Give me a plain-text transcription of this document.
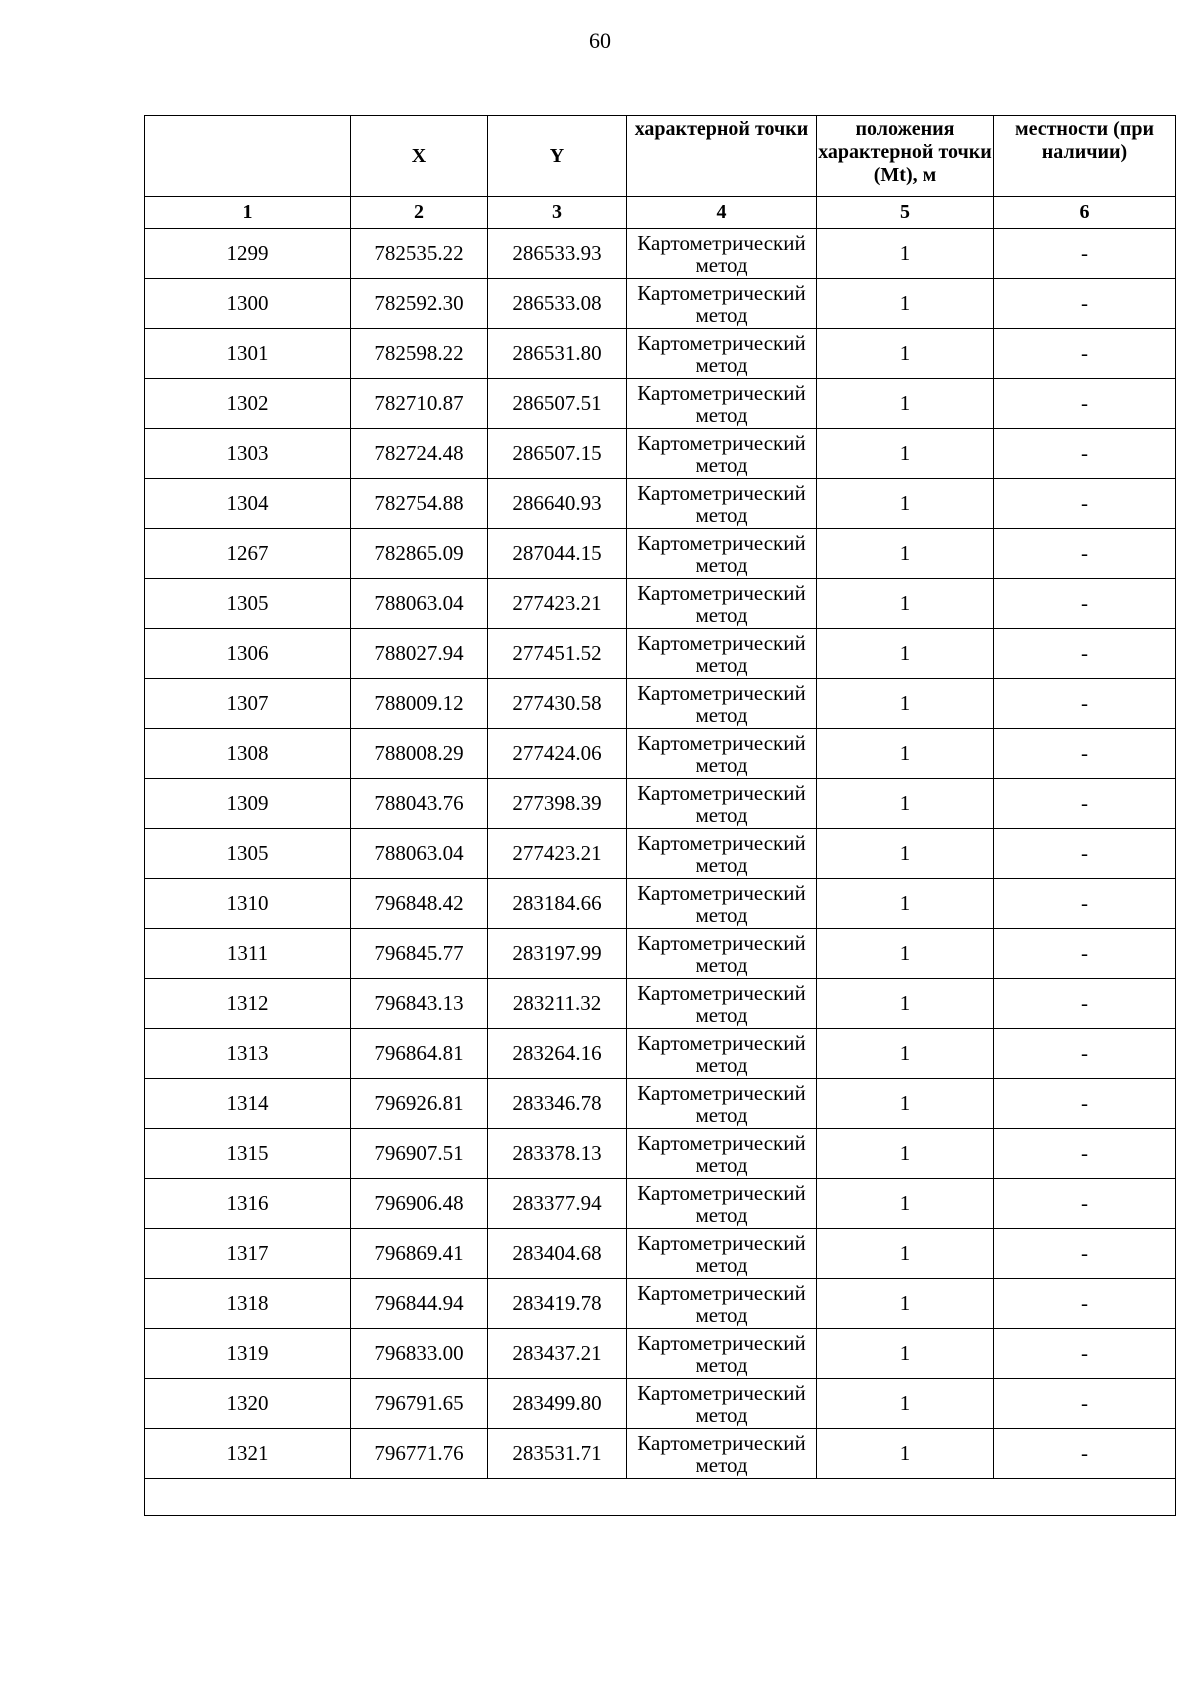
60
	X	Y	характерной точки	положения характерной точки (Mt), м	местности (при наличии)

1	2	3	4	5	6
1299	782535.22	286533.93	Картометрический метод	1	-
1300	782592.30	286533.08	Картометрический метод	1	-
1301	782598.22	286531.80	Картометрический метод	1	-
1302	782710.87	286507.51	Картометрический метод	1	-
1303	782724.48	286507.15	Картометрический метод	1	-
1304	782754.88	286640.93	Картометрический метод	1	-
1267	782865.09	287044.15	Картометрический метод	1	-
1305	788063.04	277423.21	Картометрический метод	1	-
1306	788027.94	277451.52	Картометрический метод	1	-
1307	788009.12	277430.58	Картометрический метод	1	-
1308	788008.29	277424.06	Картометрический метод	1	-
1309	788043.76	277398.39	Картометрический метод	1	-
1305	788063.04	277423.21	Картометрический метод	1	-
1310	796848.42	283184.66	Картометрический метод	1	-
1311	796845.77	283197.99	Картометрический метод	1	-
1312	796843.13	283211.32	Картометрический метод	1	-
1313	796864.81	283264.16	Картометрический метод	1	-
1314	796926.81	283346.78	Картометрический метод	1	-
1315	796907.51	283378.13	Картометрический метод	1	-
1316	796906.48	283377.94	Картометрический метод	1	-
1317	796869.41	283404.68	Картометрический метод	1	-
1318	796844.94	283419.78	Картометрический метод	1	-
1319	796833.00	283437.21	Картометрический метод	1	-
1320	796791.65	283499.80	Картометрический метод	1	-
1321	796771.76	283531.71	Картометрический метод	1	-
